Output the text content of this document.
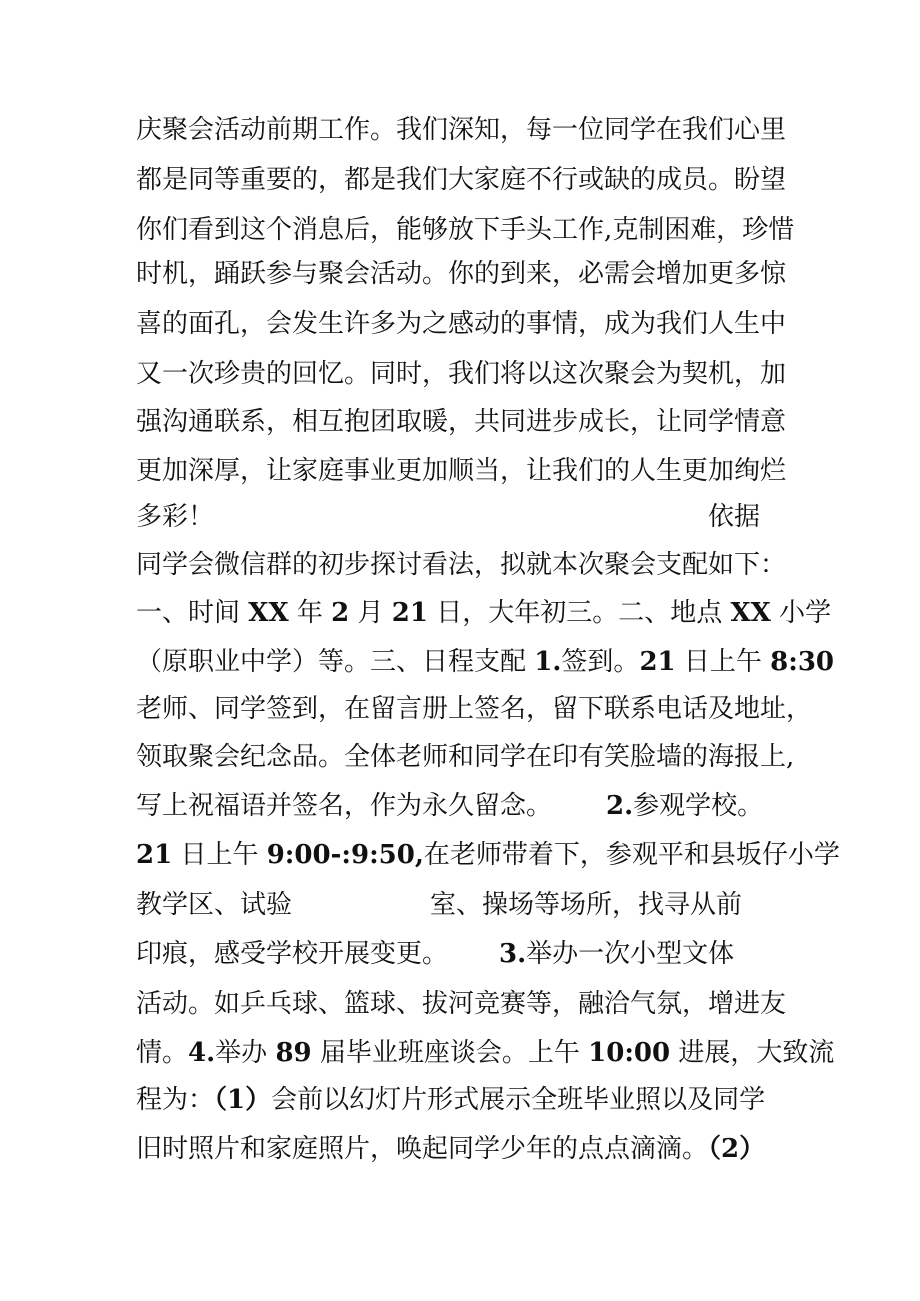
庆聚会活动前期工作。我们深知，每一位同学在我们心里
都是同等重要的，都是我们大家庭不行或缺的成员。盼望
你们看到这个消息后，能够放下手头工作,克制困难，珍惜
时机，踊跃参与聚会活动。你的到来，必需会增加更多惊
喜的面孔，会发生许多为之感动的事情，成为我们人生中
又一次珍贵的回忆。同时，我们将以这次聚会为契机，加
强沟通联系，相互抱团取暖，共同进步成长，让同学情意
更加深厚，让家庭事业更加顺当，让我们的人生更加绚烂
多彩！	依据
同学会微信群的初步探讨看法，拟就本次聚会支配如下：
一、时间 XX 年 2 月 21 日，大年初三。二、地点 XX 小学
（原职业中学）等。三、日程支配 1.签到。21 日上午 8:30
老师、同学签到，在留言册上签名，留下联系电话及地址，
领取聚会纪念品。全体老师和同学在印有笑脸墙的海报上,
写上祝福语并签名，作为永久留念。 2.参观学校。
21 日上午 9:00-:9:50,在老师带着下，参观平和县坂仔小学
教学区、试验	室、操场等场所，找寻从前
印痕，感受学校开展变更。 3.举办一次小型文体
活动。如乒乓球、篮球、拔河竞赛等，融洽气氛，增进友
情。4.举办 89 届毕业班座谈会。上午 10:00 进展，大致流
程为：（1）会前以幻灯片形式展示全班毕业照以及同学
旧时照片和家庭照片，唤起同学少年的点点滴滴。（2）
